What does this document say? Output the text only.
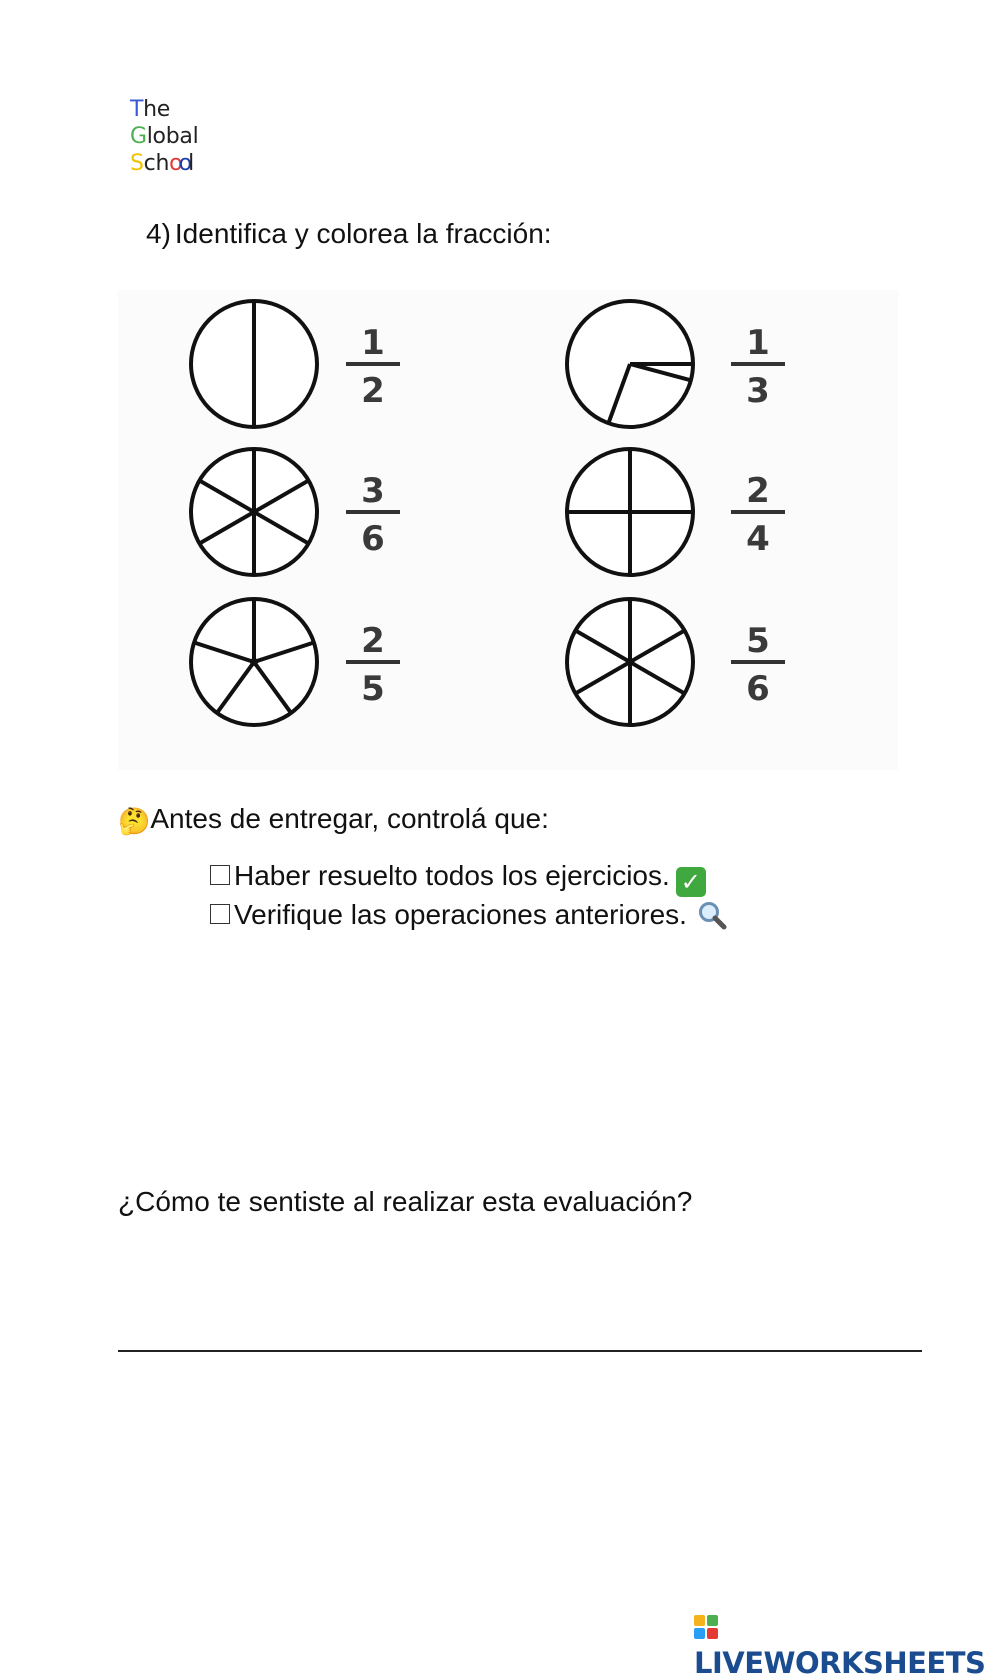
The
Global
School
4) Identifica y colorea la fracción:
1
2
1
3
3
6
2
4
2
5
5
6
🤔Antes de entregar, controlá que:
Haber resuelto todos los ejercicios. ✓
Verifique las operaciones anteriores.
¿Cómo te sentiste al realizar esta evaluación?
LIVEWORKSHEETS
